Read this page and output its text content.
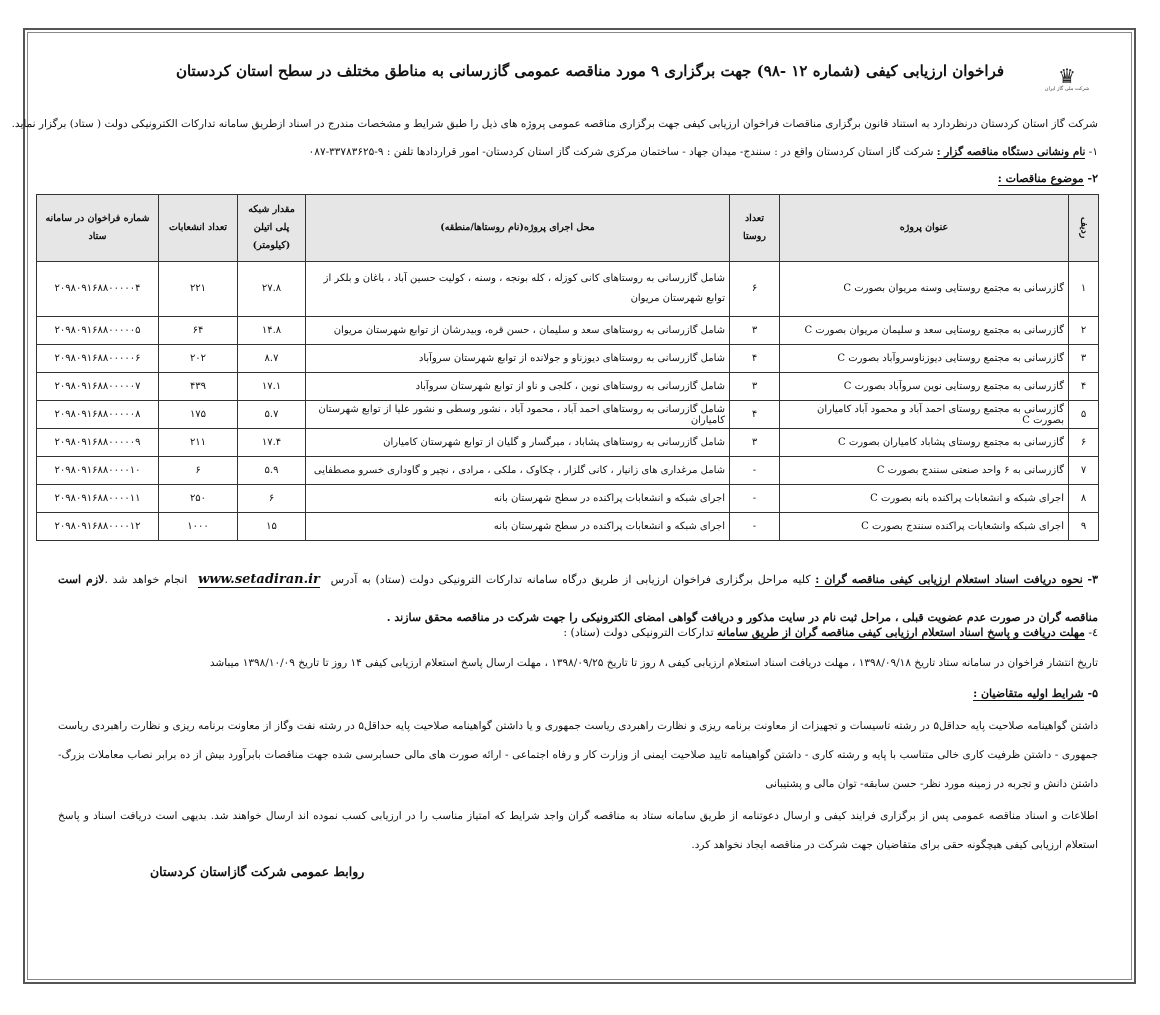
♛
شرکت ملی گاز ایران
فراخوان ارزیابی کیفی (شماره ۱۲ -۹۸) جهت برگزاری ۹ مورد مناقصه عمومی گازرسانی به مناطق مختلف در سطح استان کردستان
شرکت گاز استان کردستان درنظردارد به استناد قانون برگزاری مناقصات فراخوان ارزیابی کیفی جهت برگزاری مناقصه عمومی پروژه های ذیل را طبق شرایط و مشخصات مندرج در اسناد ازطریق سامانه تدارکات الکترونیکی دولت ( ستاد) برگزار نماید.
۱- نام ونشانی دستگاه مناقصه گزار : شرکت گاز استان کردستان واقع در : سنندج- میدان جهاد - ساختمان مرکزی شرکت گاز استان کردستان- امور قراردادها تلفن : ۹-۳۳۷۸۳۶۲۵-۰۸۷
۲- موضوع مناقصات :
ردیف	عنوان پروژه	تعداد روستا	محل اجرای پروژه(نام روستاها/منطقه)	مقدار شبکه پلی اتیلن (کیلومتر)	تعداد انشعابات	شماره فراخوان در سامانه ستاد
۱	گازرسانی به مجتمع روستایی وسنه مریوان بصورت C	۶	شامل گازرسانی به روستاهای کانی کوزله ، کله بونجه ، وسنه ، کولیت حسین آباد ، باغان و بلکر از توابع شهرستان مریوان	۲۷.۸	۲۲۱	۲۰۹۸۰۹۱۶۸۸۰۰۰۰۰۴
۲	گازرسانی به مجتمع روستایی سعد و سلیمان مریوان بصورت C	۳	شامل گازرسانی به روستاهای سعد و سلیمان ، حسن قره، وبیدرشان از توابع شهرستان مریوان	۱۴.۸	۶۴	۲۰۹۸۰۹۱۶۸۸۰۰۰۰۰۵
۳	گازرسانی به مجتمع روستایی دیوزناوسروآباد بصورت C	۴	شامل گازرسانی به روستاهای دیوزناو و جولانده از توابع شهرستان سروآباد	۸.۷	۲۰۲	۲۰۹۸۰۹۱۶۸۸۰۰۰۰۰۶
۴	گازرسانی به مجتمع روستایی نوین سروآباد بصورت C	۳	شامل گازرسانی به روستاهای نوین ، کلجی و ناو از توابع شهرستان سروآباد	۱۷.۱	۴۳۹	۲۰۹۸۰۹۱۶۸۸۰۰۰۰۰۷
۵	گازرسانی به مجتمع روستای احمد آباد و محمود آباد کامیاران بصورت C	۴	شامل گازرسانی به روستاهای احمد آباد ، محمود آباد ، نشور وسطی و نشور علیا از توابع شهرستان کامیاران	۵.۷	۱۷۵	۲۰۹۸۰۹۱۶۸۸۰۰۰۰۰۸
۶	گازرسانی به مجتمع روستای پشاباد کامیاران بصورت C	۳	شامل گازرسانی به روستاهای پشاباد ، میرگسار و گلیان از توابع شهرستان کامیاران	۱۷.۴	۲۱۱	۲۰۹۸۰۹۱۶۸۸۰۰۰۰۰۹
۷	گازرسانی به ۶ واحد صنعتی سنندج بصورت C	-	شامل مرغداری های زانیار ، کانی گلزار ، چکاوک ، ملکی ، مرادی ، نچیر و گاوداری خسرو مصطفایی	۵.۹	۶	۲۰۹۸۰۹۱۶۸۸۰۰۰۰۱۰
۸	اجرای شبکه و انشعابات پراکنده بانه بصورت C	-	اجرای شبکه و انشعابات پراکنده در سطح شهرستان بانه	۶	۲۵۰	۲۰۹۸۰۹۱۶۸۸۰۰۰۰۱۱
۹	اجرای شبکه وانشعابات پراکنده سنندج بصورت C	-	اجرای شبکه و انشعابات پراکنده در سطح شهرستان بانه	۱۵	۱۰۰۰	۲۰۹۸۰۹۱۶۸۸۰۰۰۰۱۲
۳- نحوه دریافت اسناد استعلام ارزیابی کیفی مناقصه گران : کلیه مراحل برگزاری فراخوان ارزیابی از طریق درگاه سامانه تدارکات الترونیکی دولت (ستاد) به آدرس www.setadiran.ir انجام خواهد شد .لازم است مناقصه گران در صورت عدم عضویت قبلی ، مراحل ثبت نام در سایت مذکور و دریافت گواهی امضای الکترونیکی را جهت شرکت در مناقصه محقق سازند .
٤- مهلت دریافت و پاسخ اسناد استعلام ارزیابی کیفی مناقصه گران از طریق سامانه تدارکات الترونیکی دولت (ستاد) :
تاریخ انتشار فراخوان در سامانه ستاد تاریخ ۱۳۹۸/۰۹/۱۸ ، مهلت دریافت اسناد استعلام ارزیابی کیفی ۸ روز تا تاریخ ۱۳۹۸/۰۹/۲۵ ، مهلت ارسال پاسخ استعلام ارزیابی کیفی ۱۴ روز تا تاریخ ۱۳۹۸/۱۰/۰۹ میباشد
۵- شرایط اولیه متقاضیان :
داشتن گواهینامه صلاحیت پایه حداقل۵ در رشته تاسیسات و تجهیزات از معاونت برنامه ریزی و نظارت راهبردی ریاست جمهوری و یا داشتن گواهینامه صلاحیت پایه حداقل۵ در رشته نفت وگاز از معاونت برنامه ریزی و نظارت راهبردی ریاست جمهوری - داشتن ظرفیت کاری خالی متناسب با پایه و رشته کاری - داشتن گواهینامه تایید صلاحیت ایمنی از وزارت کار و رفاه اجتماعی - ارائه صورت های مالی حسابرسی شده جهت مناقصات بابرآورد بیش از ده برابر نصاب معاملات بزرگ- داشتن دانش و تجربه در زمینه مورد نظر- حسن سابقه- توان مالی و پشتیبانی
اطلاعات و اسناد مناقصه عمومی پس از برگزاری فرایند کیفی و ارسال دعوتنامه از طریق سامانه ستاد به مناقصه گران واجد شرایط که امتیاز مناسب را در ارزیابی کسب نموده اند ارسال خواهند شد. بدیهی است دریافت اسناد و پاسخ استعلام ارزیابی کیفی هیچگونه حقی برای متقاضیان جهت شرکت در مناقصه ایجاد نخواهد کرد.
روابط عمومی شرکت گازاستان کردستان
